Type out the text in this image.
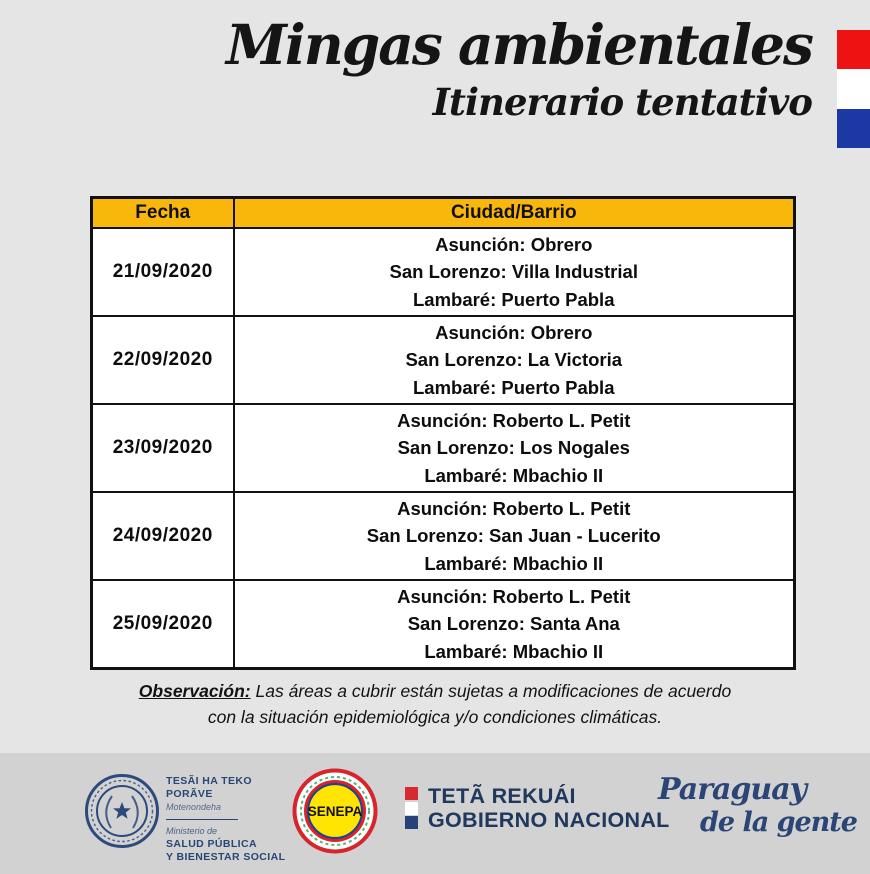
Mingas ambientales
Itinerario tentativo
Fecha	Ciudad/Barrio
21/09/2020	Asunción: Obrero
San Lorenzo: Villa Industrial
Lambaré: Puerto Pabla

22/09/2020	Asunción: Obrero
San Lorenzo: La Victoria
Lambaré: Puerto Pabla

23/09/2020	Asunción: Roberto L. Petit
San Lorenzo: Los Nogales
Lambaré: Mbachio II

24/09/2020	Asunción: Roberto L. Petit
San Lorenzo: San Juan - Lucerito
Lambaré: Mbachio II

25/09/2020	Asunción: Roberto L. Petit
San Lorenzo: Santa Ana
Lambaré: Mbachio II
Observación: Las áreas a cubrir están sujetas a modificaciones de acuerdo
con la situación epidemiológica y/o condiciones climáticas.
TESÃI HA TEKO
PORÃVE
Motenondeha
Ministerio de
SALUD PÚBLICA
Y BIENESTAR SOCIAL
SENEPA
TETÃ REKUÁI
GOBIERNO NACIONAL
Paraguay
de la gente
